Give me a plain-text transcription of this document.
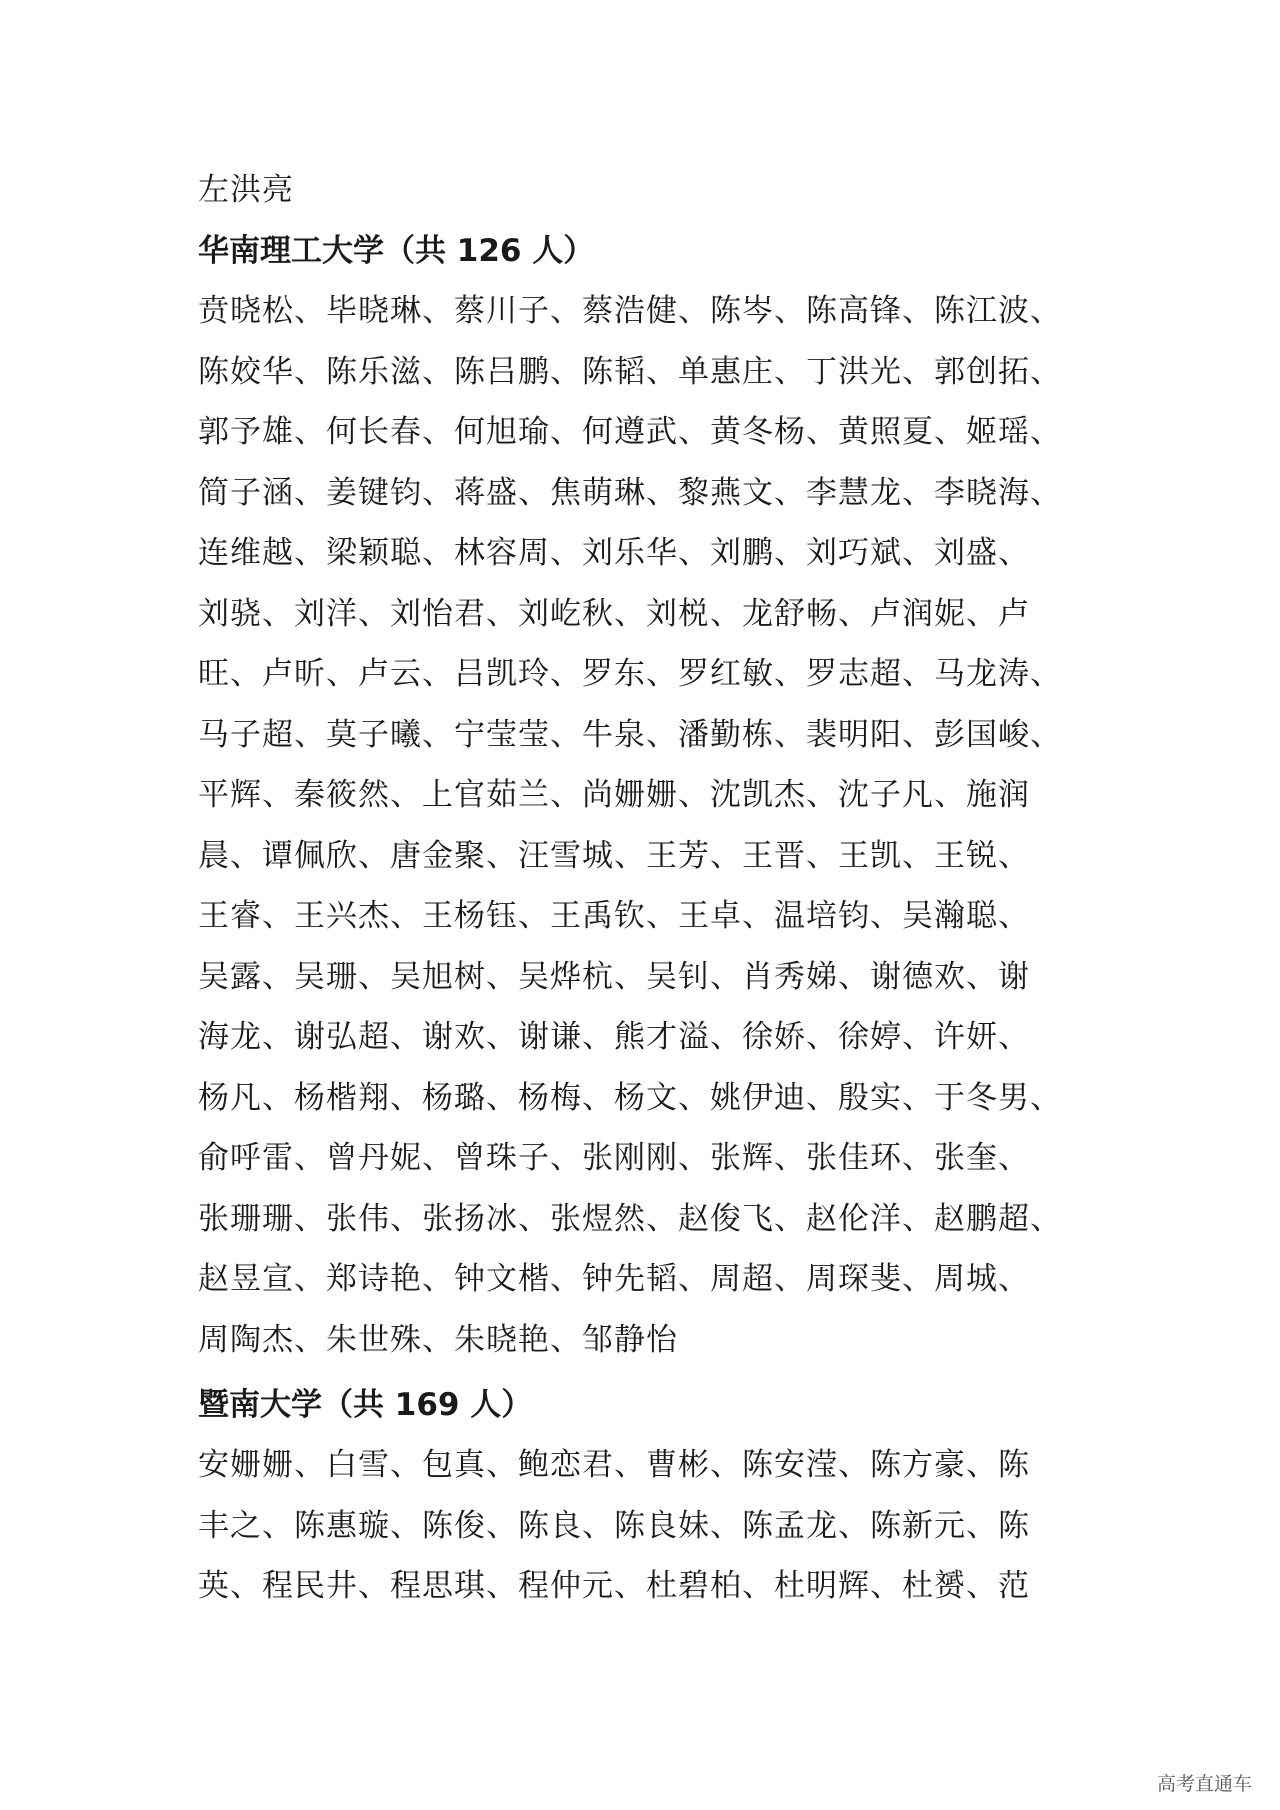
左洪亮
华南理工大学（共 126 人）
贲晓松、毕晓琳、蔡川子、蔡浩健、陈岑、陈高锋、陈江波、
陈姣华、陈乐滋、陈吕鹏、陈韬、单惠庄、丁洪光、郭创拓、
郭予雄、何长春、何旭瑜、何遵武、黄冬杨、黄照夏、姬瑶、
简子涵、姜键钧、蒋盛、焦萌琳、黎燕文、李慧龙、李晓海、
连维越、梁颖聪、林容周、刘乐华、刘鹏、刘巧斌、刘盛、
刘骁、刘洋、刘怡君、刘屹秋、刘棁、龙舒畅、卢润妮、卢
旺、卢昕、卢云、吕凯玲、罗东、罗红敏、罗志超、马龙涛、
马子超、莫子曦、宁莹莹、牛泉、潘勤栋、裴明阳、彭国峻、
平辉、秦筱然、上官茹兰、尚姗姗、沈凯杰、沈子凡、施润
晨、谭佩欣、唐金聚、汪雪城、王芳、王晋、王凯、王锐、
王睿、王兴杰、王杨钰、王禹钦、王卓、温培钧、吴瀚聪、
吴露、吴珊、吴旭树、吴烨杭、吴钊、肖秀娣、谢德欢、谢
海龙、谢弘超、谢欢、谢谦、熊才溢、徐娇、徐婷、许妍、
杨凡、杨楷翔、杨璐、杨梅、杨文、姚伊迪、殷实、于冬男、
俞呼雷、曾丹妮、曾珠子、张刚刚、张辉、张佳环、张奎、
张珊珊、张伟、张扬冰、张煜然、赵俊飞、赵伦洋、赵鹏超、
赵昱宣、郑诗艳、钟文楷、钟先韬、周超、周琛斐、周城、
周陶杰、朱世殊、朱晓艳、邹静怡
暨南大学（共 169 人）
安姗姗、白雪、包真、鲍恋君、曹彬、陈安滢、陈方豪、陈
丰之、陈惠璇、陈俊、陈良、陈良妹、陈孟龙、陈新元、陈
英、程民井、程思琪、程仲元、杜碧柏、杜明辉、杜赟、范
高考直通车
